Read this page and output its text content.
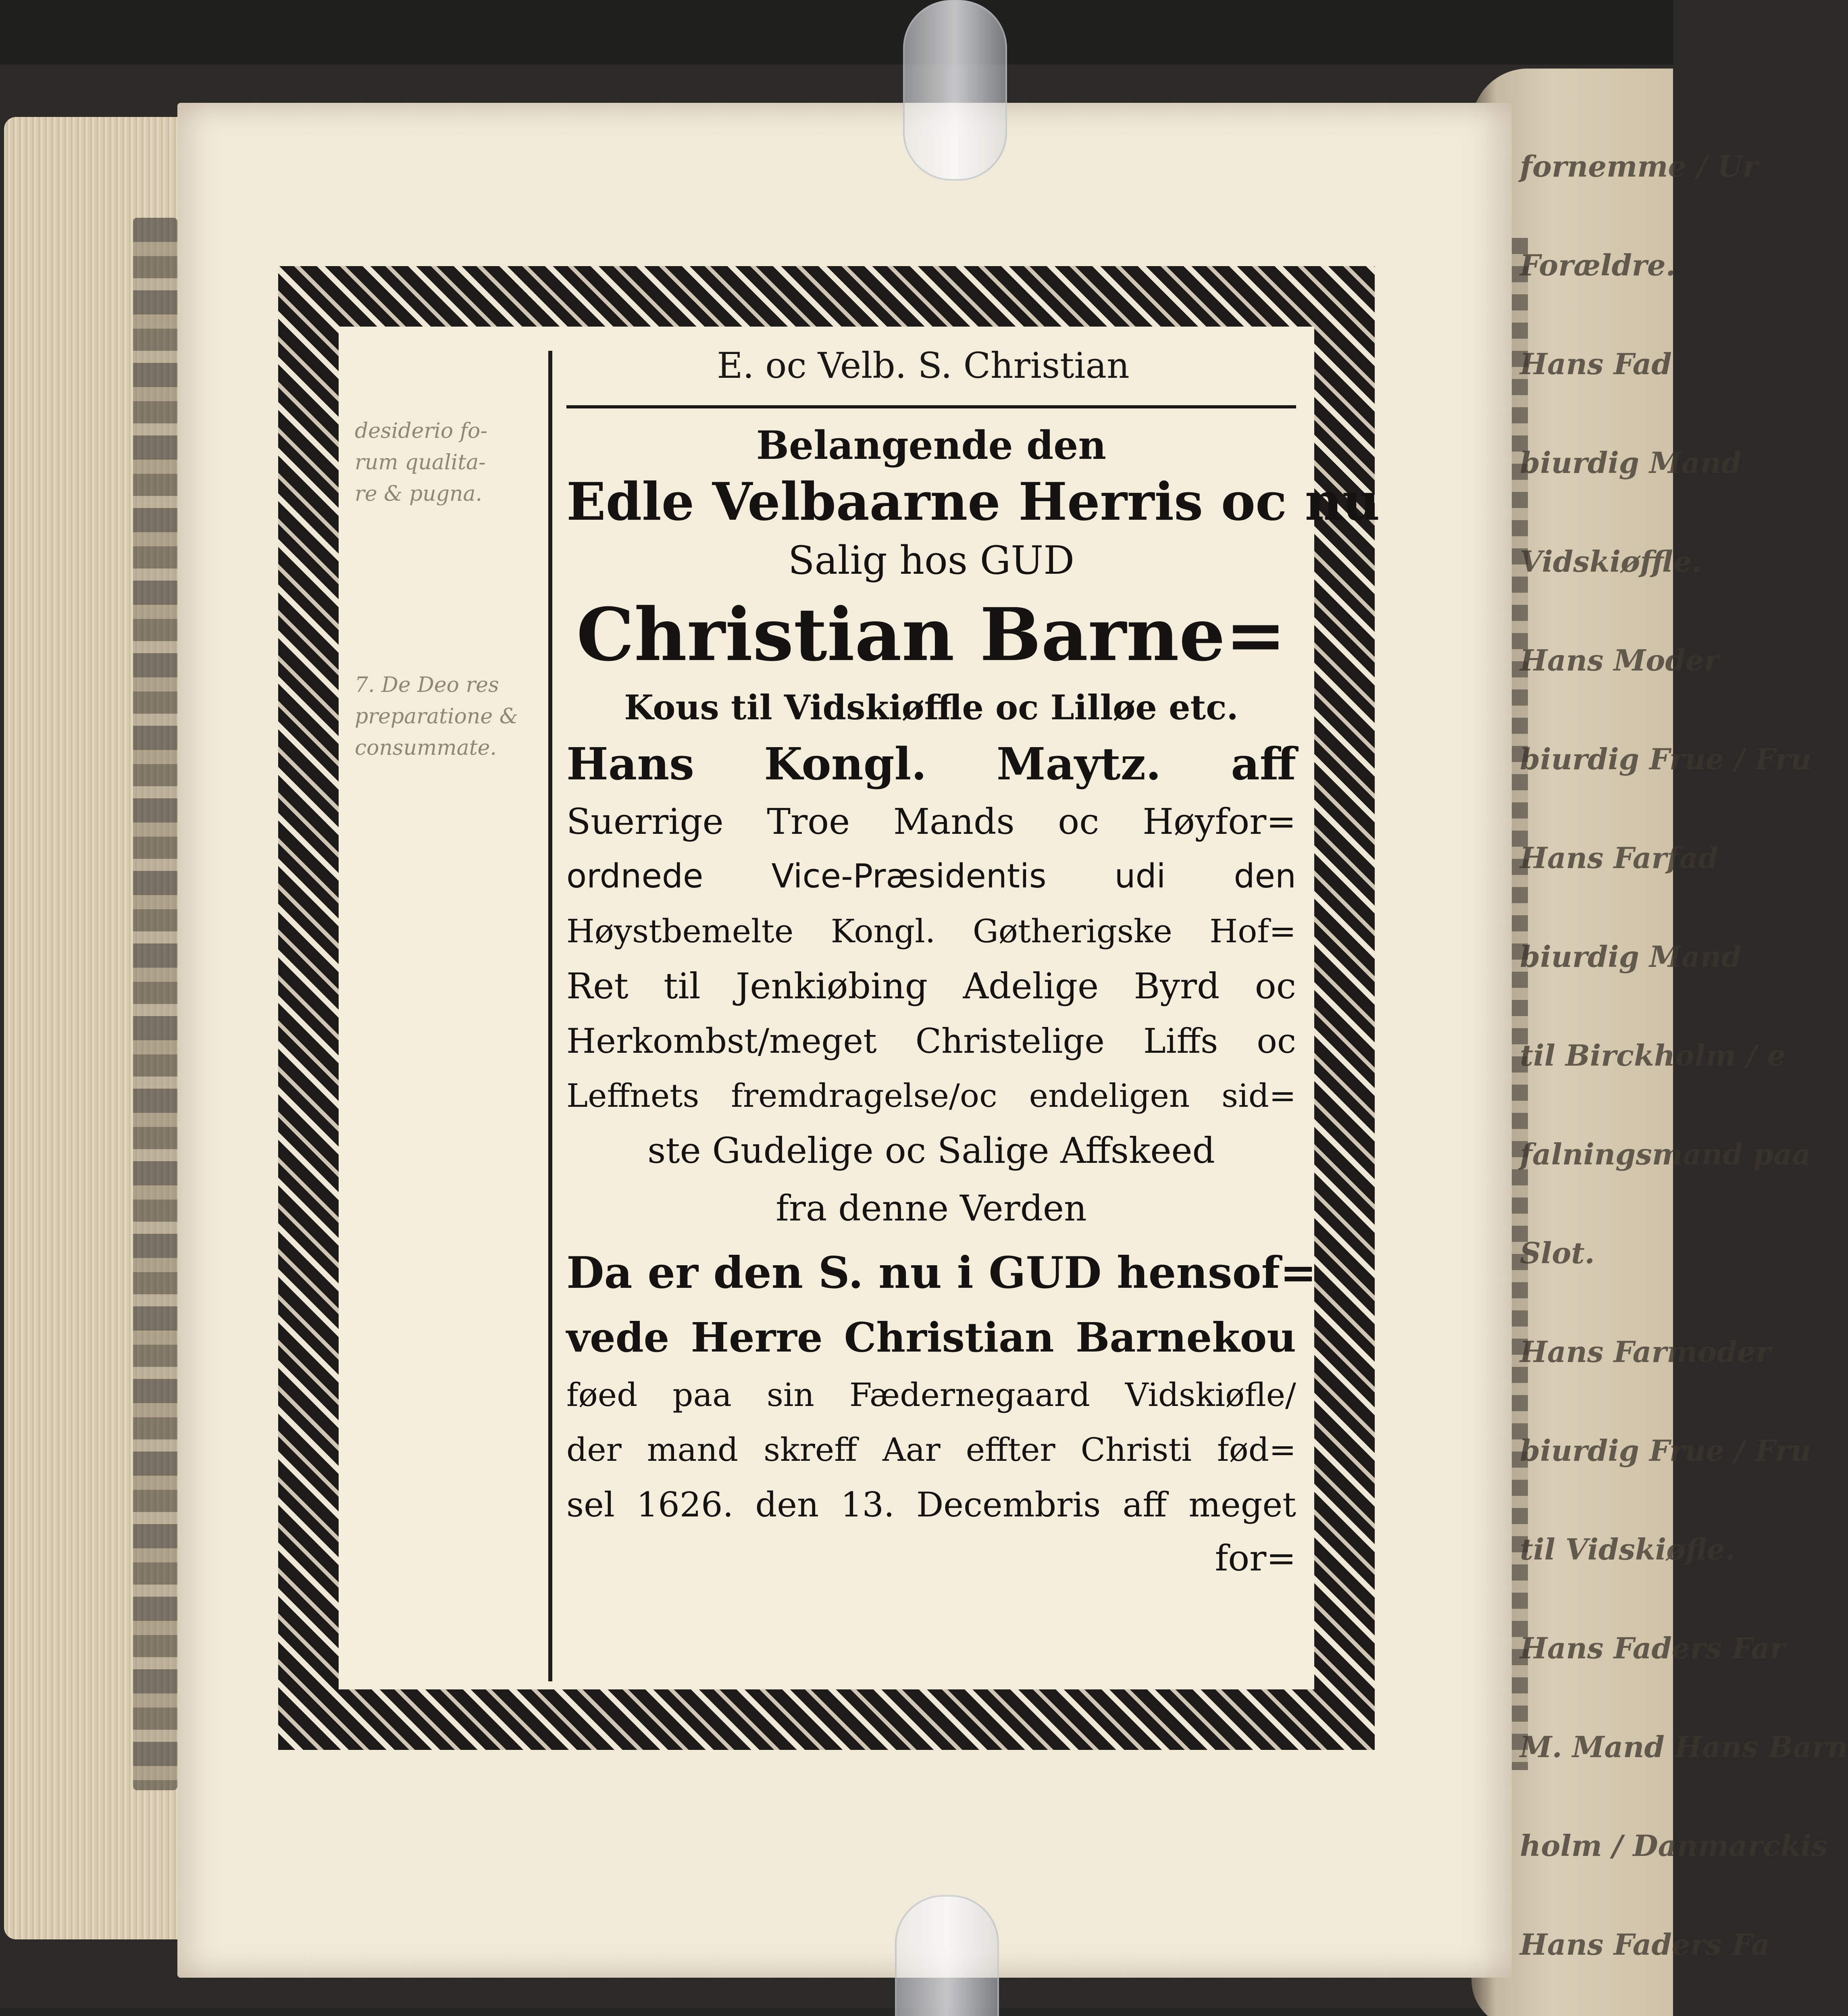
fornemme / Ur
Forældre.
Hans Fad
biurdig Mand
Vidskiøffle.
Hans Moder
biurdig Frue / Fru
Hans Farfad
biurdig Mand
til Birckholm / e
falningsmand paa
Slot.
Hans Farmoder
biurdig Frue / Fru
til Vidskiøfle.
Hans Faders Far
M. Mand Hans Barn
holm / Danmarckis
Hans Faders Fa
desiderio fo-
rum qualita-
re & pugna.
7. De Deo res
preparatione &
consummate.
E. oc Velb. S. Christian
Belangende den
Edle Velbaarne Herris oc nu
Salig hos GUD
Christian Barne=
Kous til Vidskiøffle oc Lilløe etc.
Hans Kongl. Maytz. aff
Suerrige Troe Mands oc Høyfor=
ordnede Vice-Præsidentis udi den
Høystbemelte Kongl. Gøtherigske Hof=
Ret til Jenkiøbing Adelige Byrd oc
Herkombst/meget Christelige Liffs oc
Leffnets fremdragelse/oc endeligen sid=
ste Gudelige oc Salige Affskeed
fra denne Verden
Da er den S. nu i GUD hensof=
vede Herre Christian Barnekou
føed paa sin Fædernegaard Vidskiøfle/
der mand skreff Aar effter Christi fød=
sel 1626. den 13. Decembris aff meget
for=
